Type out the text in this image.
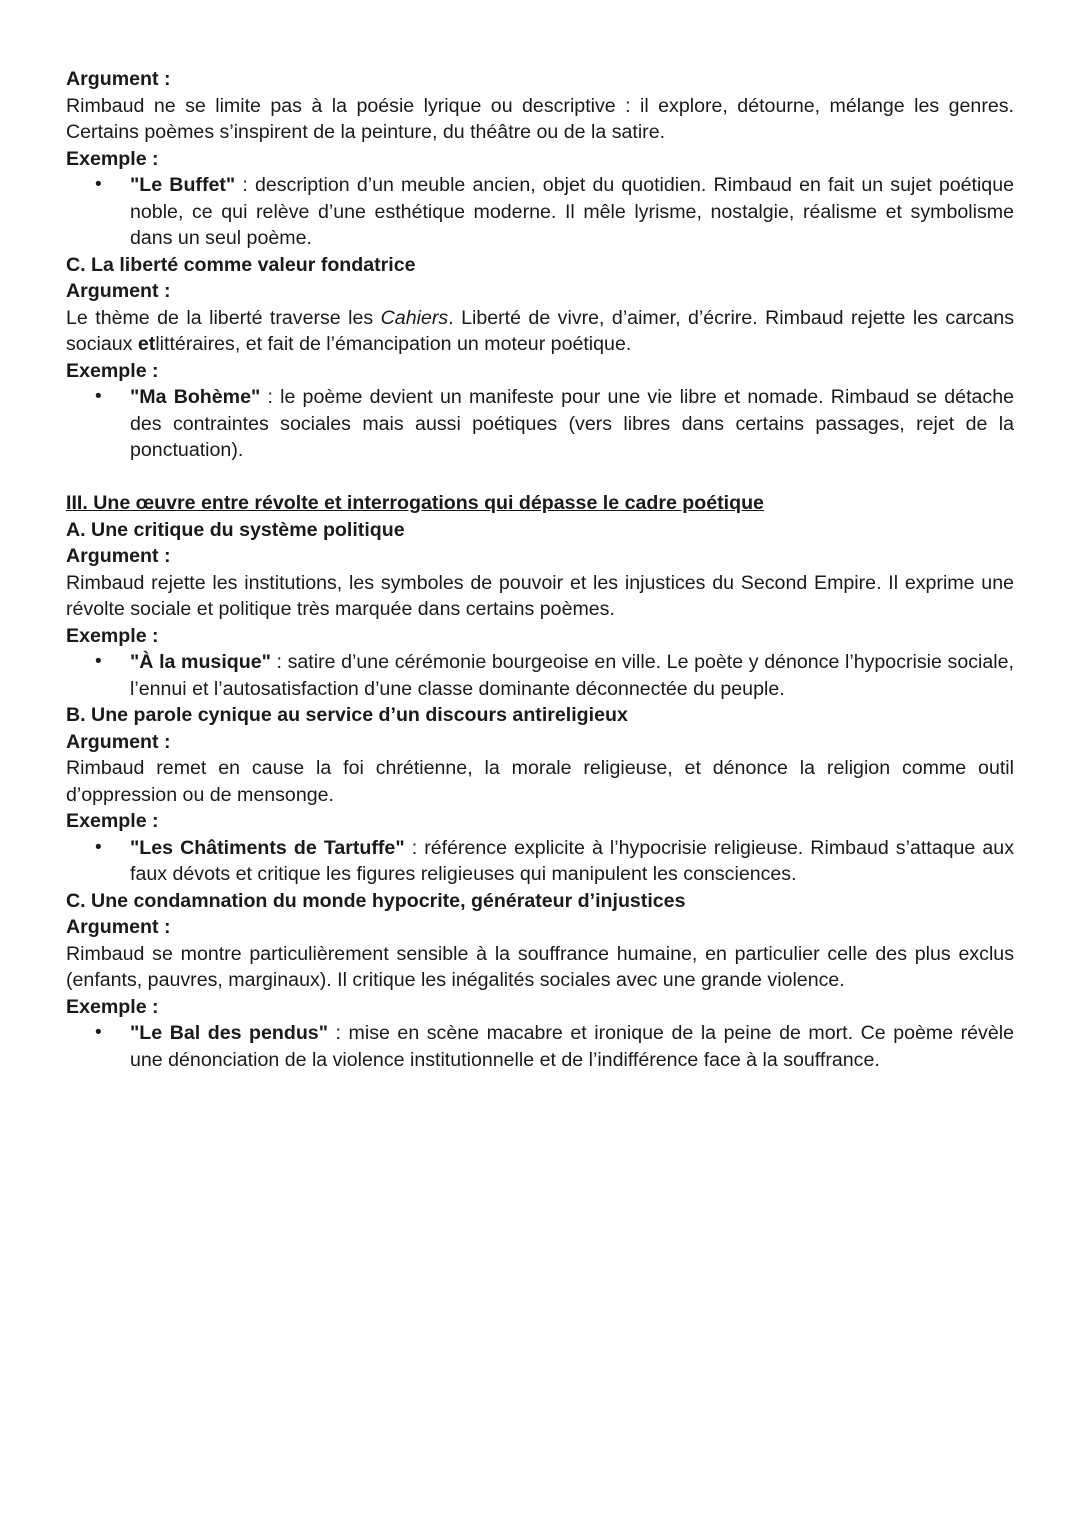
Argument :

Rimbaud ne se limite pas à la poésie lyrique ou descriptive : il explore, détourne, mélange les genres. Certains poèmes s’inspirent de la peinture, du théâtre ou de la satire.

Exemple :

• "Le Buffet" : description d’un meuble ancien, objet du quotidien. Rimbaud en fait un sujet poétique noble, ce qui relève d’une esthétique moderne. Il mêle lyrisme, nostalgie, réalisme et symbolisme dans un seul poème.

C. La liberté comme valeur fondatrice

Argument :

Le thème de la liberté traverse les Cahiers. Liberté de vivre, d’aimer, d’écrire. Rimbaud rejette les carcans sociaux etlittéraires, et fait de l’émancipation un moteur poétique.

Exemple :

• "Ma Bohème" : le poème devient un manifeste pour une vie libre et nomade. Rimbaud se détache des contraintes sociales mais aussi poétiques (vers libres dans certains passages, rejet de la ponctuation).

III. Une œuvre entre révolte et interrogations qui dépasse le cadre poétique

A. Une critique du système politique

Argument :

Rimbaud rejette les institutions, les symboles de pouvoir et les injustices du Second Empire. Il exprime une révolte sociale et politique très marquée dans certains poèmes.

Exemple :

• "À la musique" : satire d’une cérémonie bourgeoise en ville. Le poète y dénonce l’hypocrisie sociale, l’ennui et l’autosatisfaction d’une classe dominante déconnectée du peuple.

B. Une parole cynique au service d’un discours antireligieux

Argument :

Rimbaud remet en cause la foi chrétienne, la morale religieuse, et dénonce la religion comme outil d’oppression ou de mensonge.

Exemple :

• "Les Châtiments de Tartuffe" : référence explicite à l’hypocrisie religieuse. Rimbaud s’attaque aux faux dévots et critique les figures religieuses qui manipulent les consciences.

C. Une condamnation du monde hypocrite, générateur d’injustices

Argument :

Rimbaud se montre particulièrement sensible à la souffrance humaine, en particulier celle des plus exclus (enfants, pauvres, marginaux). Il critique les inégalités sociales avec une grande violence.

Exemple :

• "Le Bal des pendus" : mise en scène macabre et ironique de la peine de mort. Ce poème révèle une dénonciation de la violence institutionnelle et de l’indifférence face à la souffrance.
